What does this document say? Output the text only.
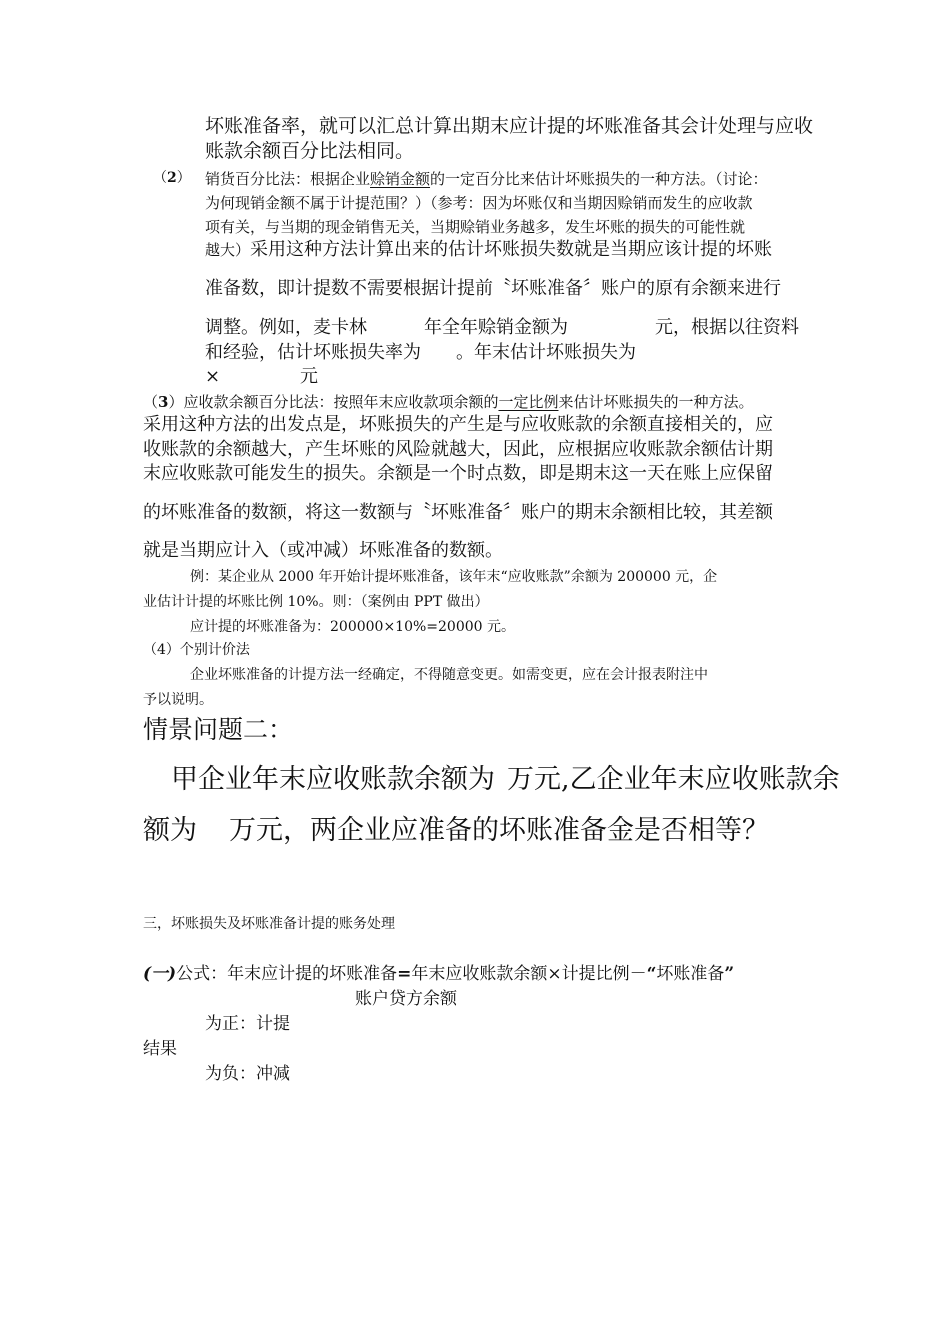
坏账准备率，就可以汇总计算出期末应计提的坏账准备其会计处理与应收
账款余额百分比法相同。
（2） 销货百分比法：根据企业赊销金额的一定百分比来估计坏账损失的一种方法。（讨论：
为何现销金额不属于计提范围？）（参考：因为坏账仅和当期因赊销而发生的应收款
项有关，与当期的现金销售无关，当期赊销业务越多，发生坏账的损失的可能性就
越大）采用这种方法计算出来的估计坏账损失数就是当期应该计提的坏账
准备数，即计提数不需要根据计提前〝坏账准备〞账户的原有余额来进行
调整。例如，麦卡林	年全年赊销金额为	元，根据以往资料
和经验，估计坏账损失率为 。年末估计坏账损失为
×	元
（3）应收款余额百分比法：按照年末应收款项余额的一定比例来估计坏账损失的一种方法。
采用这种方法的出发点是，坏账损失的产生是与应收账款的余额直接相关的，应
收账款的余额越大，产生坏账的风险就越大，因此，应根据应收账款余额估计期
末应收账款可能发生的损失。余额是一个时点数，即是期末这一天在账上应保留
的坏账准备的数额，将这一数额与〝坏账准备〞账户的期末余额相比较，其差额
就是当期应计入（或冲减）坏账准备的数额。
例：某企业从 2000 年开始计提坏账准备，该年末“应收账款”余额为 200000 元，企
业估计计提的坏账比例 10%。则：（案例由 PPT 做出）
应计提的坏账准备为：200000×10%=20000 元。
（4）个别计价法
企业坏账准备的计提方法一经确定，不得随意变更。如需变更，应在会计报表附注中
予以说明。
情景问题二：
甲企业年末应收账款余额为 万元,乙企业年末应收账款余
额为 万元，两企业应准备的坏账准备金是否相等？
三，坏账损失及坏账准备计提的账务处理
(一)公式：年末应计提的坏账准备=年末应收账款余额×计提比例－“坏账准备”
账户贷方余额
为正：计提
结果
为负：冲减
